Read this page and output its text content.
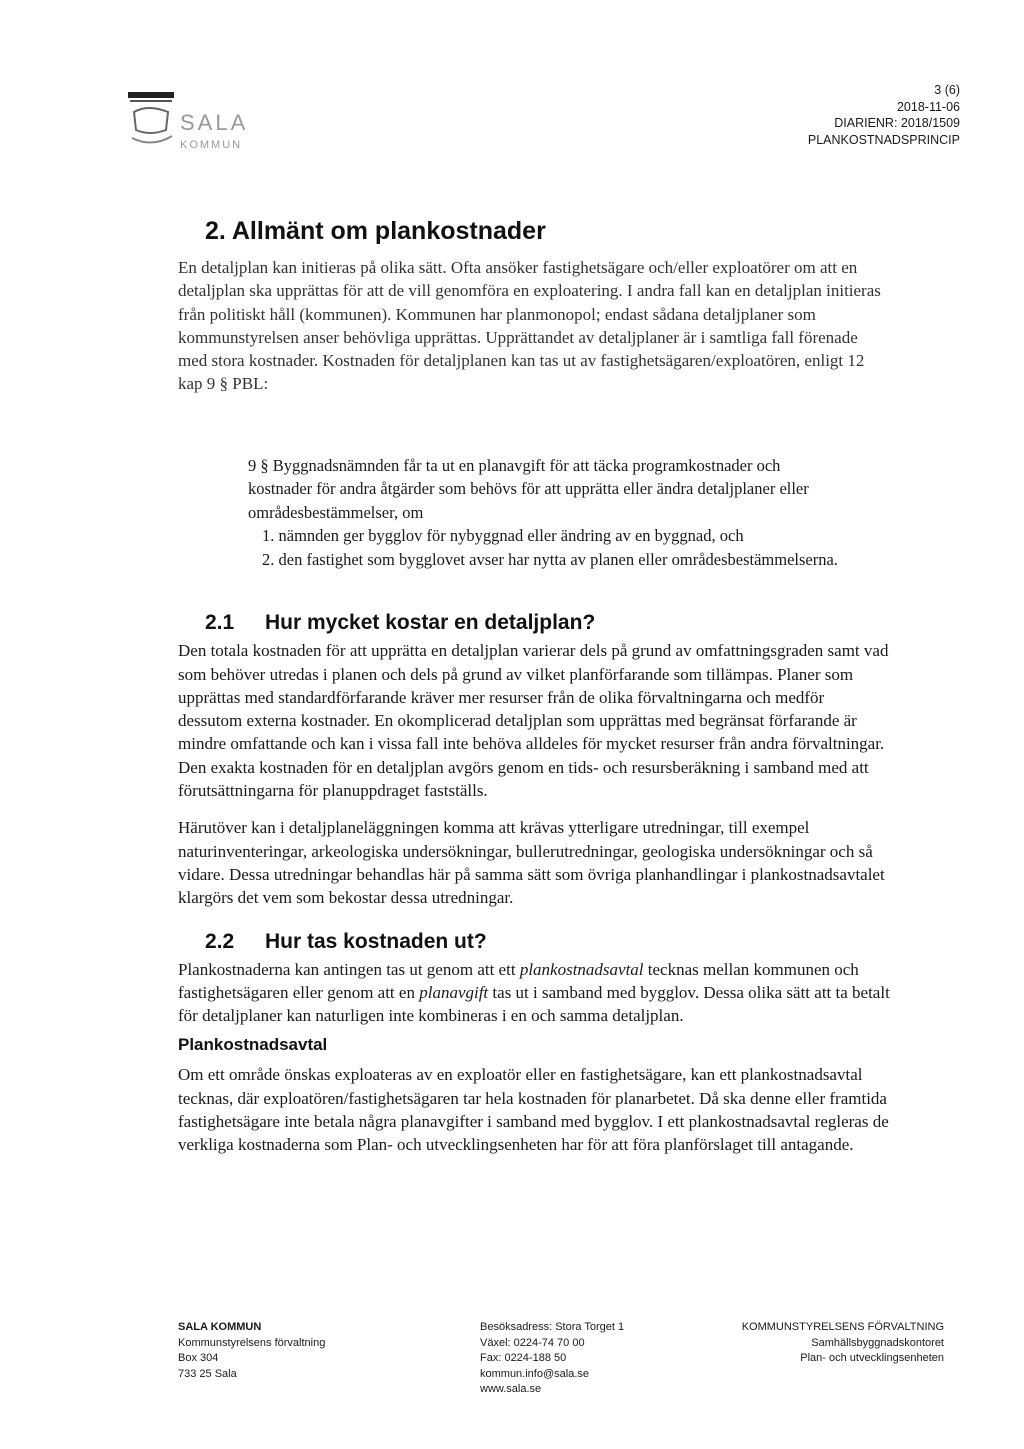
SALA
KOMMUN
3 (6)
2018-11-06
DIARIENR: 2018/1509
PLANKOSTNADSPRINCIP
2. Allmänt om plankostnader

En detaljplan kan initieras på olika sätt. Ofta ansöker fastighetsägare och/eller exploatörer om att en detaljplan ska upprättas för att de vill genomföra en exploatering. I andra fall kan en detaljplan initieras från politiskt håll (kommunen). Kommunen har planmonopol; endast sådana detaljplaner som kommunstyrelsen anser behövliga upprättas. Upprättandet av detaljplaner är i samtliga fall förenade med stora kostnader. Kostnaden för detaljplanen kan tas ut av fastighetsägaren/exploatören, enligt 12 kap 9 § PBL:

9 § Byggnadsnämnden får ta ut en planavgift för att täcka programkostnader och kostnader för andra åtgärder som behövs för att upprätta eller ändra detaljplaner eller områdesbestämmelser, om

1. nämnden ger bygglov för nybyggnad eller ändring av en byggnad, och

2. den fastighet som bygglovet avser har nytta av planen eller områdesbestämmelserna.

2.1	Hur mycket kostar en detaljplan?

Den totala kostnaden för att upprätta en detaljplan varierar dels på grund av omfattningsgraden samt vad som behöver utredas i planen och dels på grund av vilket planförfarande som tillämpas. Planer som upprättas med standardförfarande kräver mer resurser från de olika förvaltningarna och medför dessutom externa kostnader. En okomplicerad detaljplan som upprättas med begränsat förfarande är mindre omfattande och kan i vissa fall inte behöva alldeles för mycket resurser från andra förvaltningar. Den exakta kostnaden för en detaljplan avgörs genom en tids- och resursberäkning i samband med att förutsättningarna för planuppdraget fastställs.

Härutöver kan i detaljplaneläggningen komma att krävas ytterligare utredningar, till exempel naturinventeringar, arkeologiska undersökningar, bullerutredningar, geologiska undersökningar och så vidare. Dessa utredningar behandlas här på samma sätt som övriga planhandlingar i plankostnadsavtalet klargörs det vem som bekostar dessa utredningar.

2.2	Hur tas kostnaden ut?

Plankostnaderna kan antingen tas ut genom att ett plankostnadsavtal tecknas mellan kommunen och fastighetsägaren eller genom att en planavgift tas ut i samband med bygglov. Dessa olika sätt att ta betalt för detaljplaner kan naturligen inte kombineras i en och samma detaljplan.

Plankostnadsavtal

Om ett område önskas exploateras av en exploatör eller en fastighetsägare, kan ett plankostnadsavtal tecknas, där exploatören/fastighetsägaren tar hela kostnaden för planarbetet. Då ska denne eller framtida fastighetsägare inte betala några planavgifter i samband med bygglov. I ett plankostnadsavtal regleras de verkliga kostnaderna som Plan- och utvecklingsenheten har för att föra planförslaget till antagande.

SALA KOMMUN
Kommunstyrelsens förvaltning
Box 304
733 25 Sala
Besöksadress: Stora Torget 1
Växel: 0224-74 70 00
Fax: 0224-188 50
kommun.info@sala.se
www.sala.se
KOMMUNSTYRELSENS FÖRVALTNING
Samhällsbyggnadskontoret
Plan- och utvecklingsenheten
